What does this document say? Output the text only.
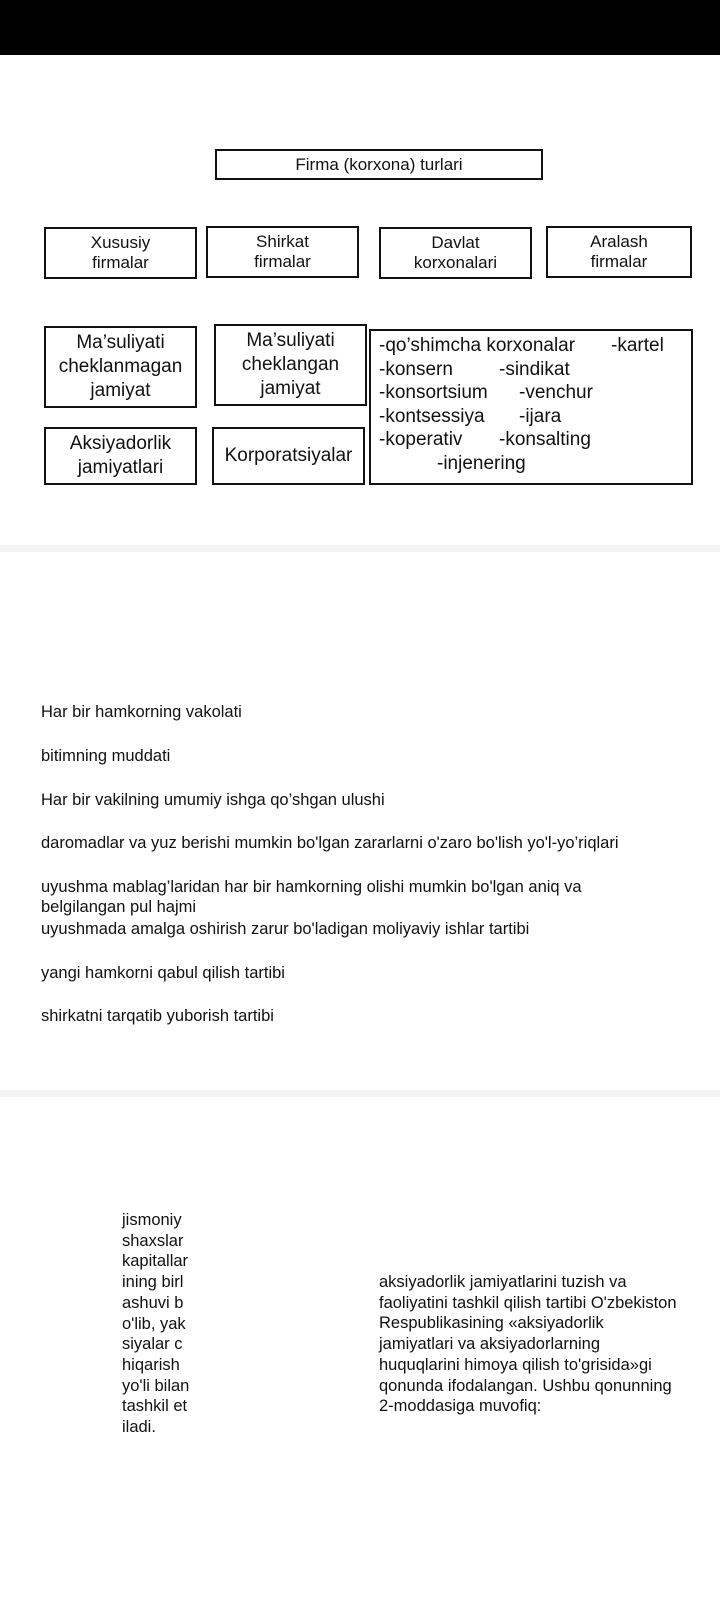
Firma (korxona) turlari
Xususiy
firmalar
Shirkat
firmalar
Davlat
korxonalari
Aralash
firmalar
Ma’suliyati
cheklanmagan
jamiyat
Ma’suliyati
cheklangan
jamiyat
Aksiyadorlik
jamiyatlari
Korporatsiyalar
-qo’shimcha korxonalar	-kartel
-konsern	-sindikat
-konsortsium	-venchur
-kontsessiya	-ijara
-koperativ	-konsalting
-injenering

Har bir hamkorning vakolati

bitimning muddati

Har bir vakilning umumiy ishga qo’shgan ulushi

daromadlar va yuz berishi mumkin bo'lgan zararlarni o'zaro bo'lish yo'l-yo’riqlari

uyushma mablag’laridan har bir hamkorning olishi mumkin bo'lgan aniq va belgilangan pul hajmi

uyushmada amalga oshirish zarur bo'ladigan moliyaviy ishlar tartibi

yangi hamkorni qabul qilish tartibi

shirkatni tarqatib yuborish tartibi

jismoniy shaxslar kapitallarining birlashuvi bo'lib, yaksiyalar chiqarish yo'li bilan tashkil etiladi.
aksiyadorlik jamiyatlarini tuzish va faoliyatini tashkil qilish tartibi O'zbekiston Respublikasining «aksiyadorlik jamiyatlari va aksiyadorlarning huquqlarini himoya qilish to'grisida»gi qonunda ifodalangan. Ushbu qonunning 2-moddasiga muvofiq:
